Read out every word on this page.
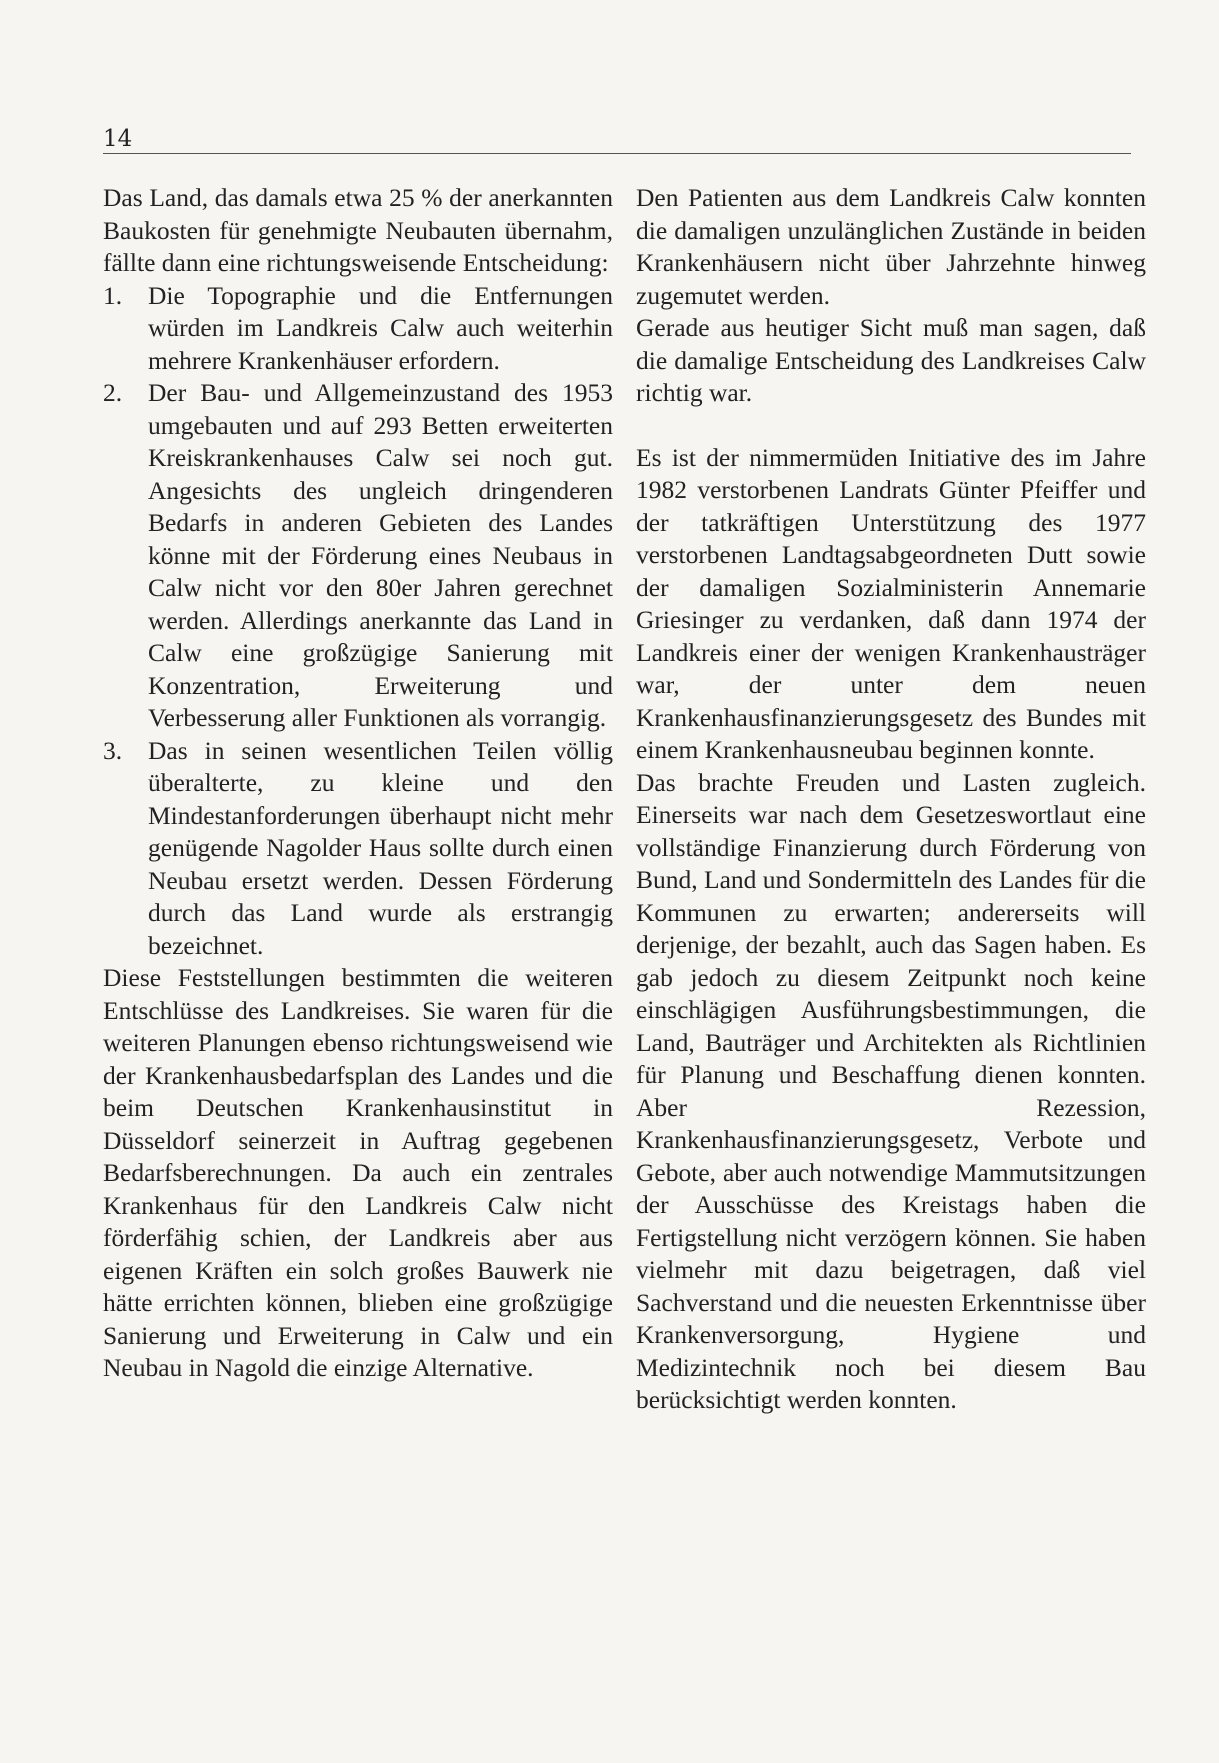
14

Das Land, das damals etwa 25 % der anerkannten Baukosten für genehmigte Neubauten übernahm, fällte dann eine richtungsweisende Entscheidung:

1. Die Topographie und die Entfernungen würden im Landkreis Calw auch weiterhin mehrere Krankenhäuser erfordern.
2. Der Bau- und Allgemeinzustand des 1953 umgebauten und auf 293 Betten erweiterten Kreiskrankenhauses Calw sei noch gut. Angesichts des ungleich dringenderen Bedarfs in anderen Gebieten des Landes könne mit der Förderung eines Neubaus in Calw nicht vor den 80er Jahren gerechnet werden. Allerdings anerkannte das Land in Calw eine großzügige Sanierung mit Konzentration, Erweiterung und Verbesserung aller Funktionen als vorrangig.
3. Das in seinen wesentlichen Teilen völlig überalterte, zu kleine und den Mindestanforderungen überhaupt nicht mehr genügende Nagolder Haus sollte durch einen Neubau ersetzt werden. Dessen Förderung durch das Land wurde als erstrangig bezeichnet.

Diese Feststellungen bestimmten die weiteren Entschlüsse des Landkreises. Sie waren für die weiteren Planungen ebenso richtungsweisend wie der Krankenhausbedarfsplan des Landes und die beim Deutschen Krankenhausinstitut in Düsseldorf seinerzeit in Auftrag gegebenen Bedarfsberechnungen. Da auch ein zentrales Krankenhaus für den Landkreis Calw nicht förderfähig schien, der Landkreis aber aus eigenen Kräften ein solch großes Bauwerk nie hätte errichten können, blieben eine großzügige Sanierung und Erweiterung in Calw und ein Neubau in Nagold die einzige Alternative.

Den Patienten aus dem Landkreis Calw konnten die damaligen unzulänglichen Zustände in beiden Krankenhäusern nicht über Jahrzehnte hinweg zugemutet werden.

Gerade aus heutiger Sicht muß man sagen, daß die damalige Entscheidung des Landkreises Calw richtig war.

Es ist der nimmermüden Initiative des im Jahre 1982 verstorbenen Landrats Günter Pfeiffer und der tatkräftigen Unterstützung des 1977 verstorbenen Landtagsabgeordneten Dutt sowie der damaligen Sozialministerin Annemarie Griesinger zu verdanken, daß dann 1974 der Landkreis einer der wenigen Krankenhausträger war, der unter dem neuen Krankenhausfinanzierungsgesetz des Bundes mit einem Krankenhausneubau beginnen konnte.

Das brachte Freuden und Lasten zugleich. Einerseits war nach dem Gesetzeswortlaut eine vollständige Finanzierung durch Förderung von Bund, Land und Sondermitteln des Landes für die Kommunen zu erwarten; andererseits will derjenige, der bezahlt, auch das Sagen haben. Es gab jedoch zu diesem Zeitpunkt noch keine einschlägigen Ausführungsbestimmungen, die Land, Bauträger und Architekten als Richtlinien für Planung und Beschaffung dienen konnten. Aber Rezession, Krankenhausfinanzierungsgesetz, Verbote und Gebote, aber auch notwendige Mammutsitzungen der Ausschüsse des Kreistags haben die Fertigstellung nicht verzögern können. Sie haben vielmehr mit dazu beigetragen, daß viel Sachverstand und die neuesten Erkenntnisse über Krankenversorgung, Hygiene und Medizintechnik noch bei diesem Bau berücksichtigt werden konnten.
